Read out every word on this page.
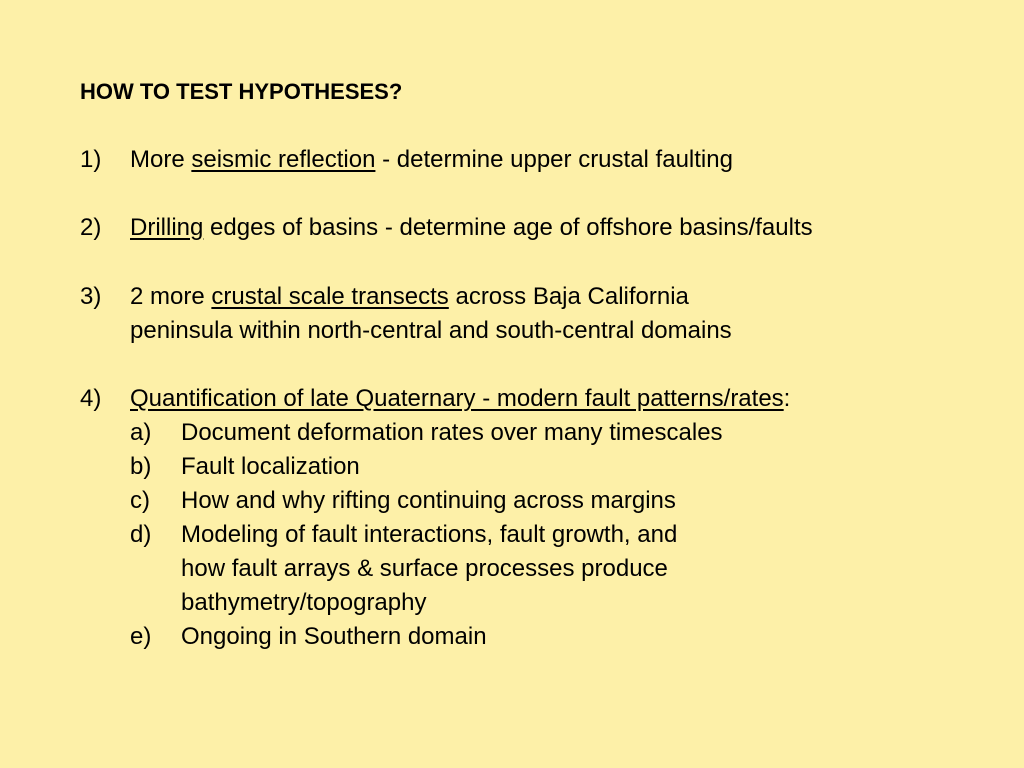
HOW TO TEST HYPOTHESES?
1) More seismic reflection - determine upper crustal faulting
2) Drilling edges of basins - determine age of offshore basins/faults
3) 2 more crustal scale transects across Baja California
peninsula within north-central and south-central domains
4) Quantification of late Quaternary - modern fault patterns/rates:
a) Document deformation rates over many timescales
b) Fault localization
c) How and why rifting continuing across margins
d) Modeling of fault interactions, fault growth, and
how fault arrays & surface processes produce
bathymetry/topography
e) Ongoing in Southern domain
